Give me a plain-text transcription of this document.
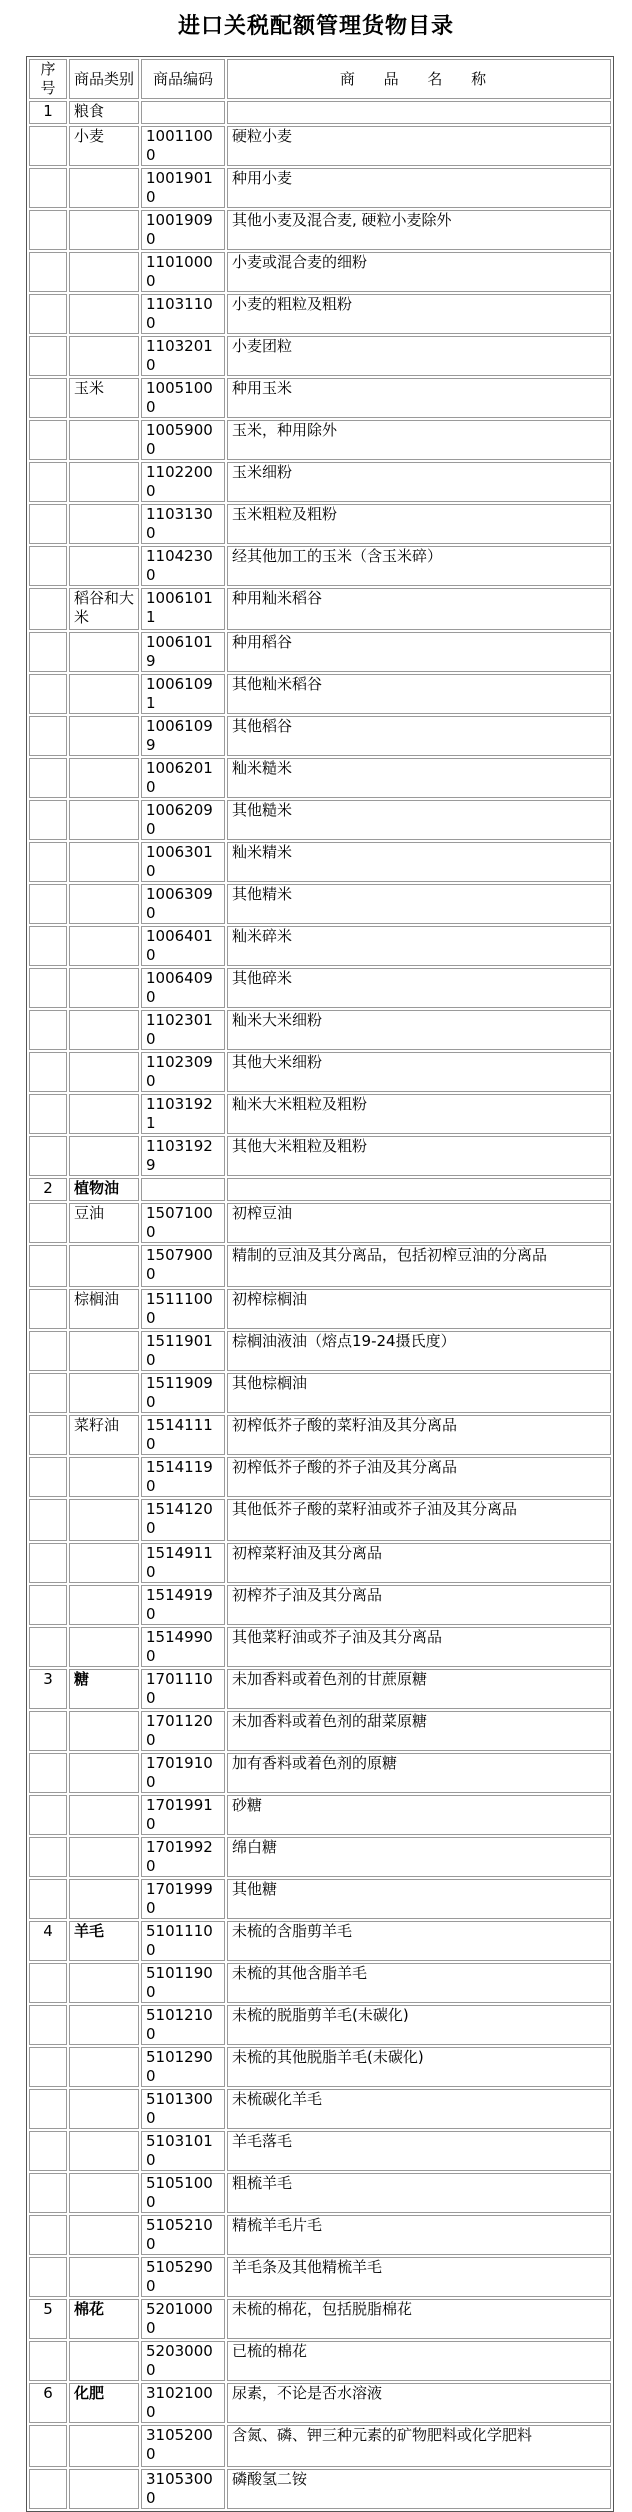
进口关税配额管理货物目录
序号	商品类别	商品编码	商 品 名 称
1	粮食		
	小麦	10011000	硬粒小麦
		10019010	种用小麦
		10019090	其他小麦及混合麦, 硬粒小麦除外
		11010000	小麦或混合麦的细粉
		11031100	小麦的粗粒及粗粉
		11032010	小麦团粒
	玉米	10051000	种用玉米
		10059000	玉米，种用除外
		11022000	玉米细粉
		11031300	玉米粗粒及粗粉
		11042300	经其他加工的玉米（含玉米碎）
	稻谷和大米	10061011	种用籼米稻谷
		10061019	种用稻谷
		10061091	其他籼米稻谷
		10061099	其他稻谷
		10062010	籼米糙米
		10062090	其他糙米
		10063010	籼米精米
		10063090	其他精米
		10064010	籼米碎米
		10064090	其他碎米
		11023010	籼米大米细粉
		11023090	其他大米细粉
		11031921	籼米大米粗粒及粗粉
		11031929	其他大米粗粒及粗粉
2	植物油		
	豆油	15071000	初榨豆油
		15079000	精制的豆油及其分离品，包括初榨豆油的分离品
	棕榈油	15111000	初榨棕榈油
		15119010	棕榈油液油（熔点19-24摄氏度）
		15119090	其他棕榈油
	菜籽油	15141110	初榨低芥子酸的菜籽油及其分离品
		15141190	初榨低芥子酸的芥子油及其分离品
		15141200	其他低芥子酸的菜籽油或芥子油及其分离品
		15149110	初榨菜籽油及其分离品
		15149190	初榨芥子油及其分离品
		15149900	其他菜籽油或芥子油及其分离品
3	糖	17011100	未加香料或着色剂的甘蔗原糖
		17011200	未加香料或着色剂的甜菜原糖
		17019100	加有香料或着色剂的原糖
		17019910	砂糖
		17019920	绵白糖
		17019990	其他糖
4	羊毛	51011100	未梳的含脂剪羊毛
		51011900	未梳的其他含脂羊毛
		51012100	未梳的脱脂剪羊毛(未碳化)
		51012900	未梳的其他脱脂羊毛(未碳化)
		51013000	未梳碳化羊毛
		51031010	羊毛落毛
		51051000	粗梳羊毛
		51052100	精梳羊毛片毛
		51052900	羊毛条及其他精梳羊毛
5	棉花	52010000	未梳的棉花，包括脱脂棉花
		52030000	已梳的棉花
6	化肥	31021000	尿素，不论是否水溶液
		31052000	含氮、磷、钾三种元素的矿物肥料或化学肥料
		31053000	磷酸氢二铵
